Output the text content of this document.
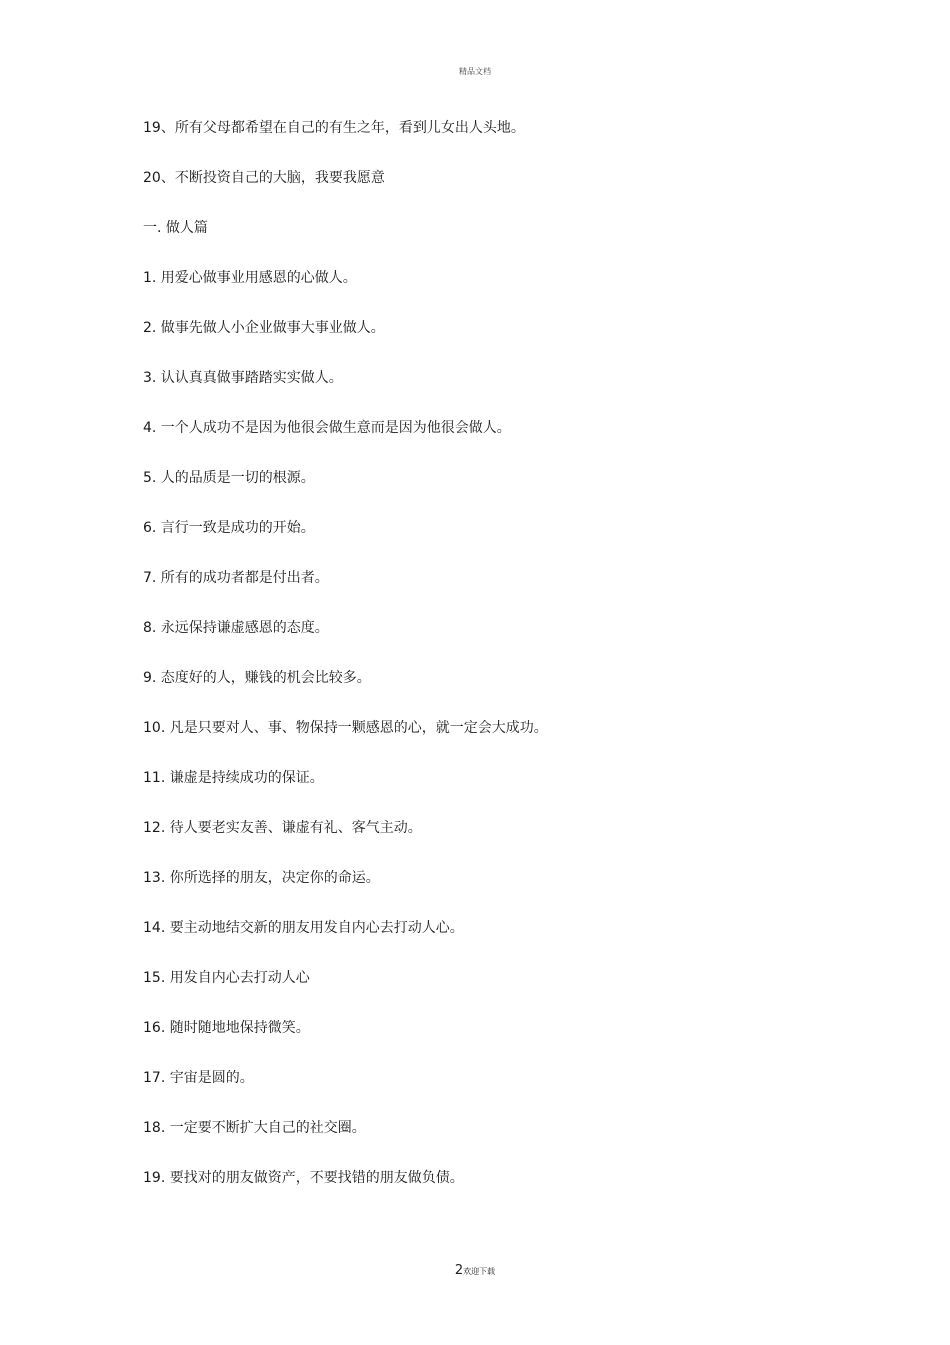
精品文档
19、所有父母都希望在自己的有生之年，看到儿女出人头地。
20、不断投资自己的大脑，我要我愿意
一. 做人篇
1. 用爱心做事业用感恩的心做人。
2. 做事先做人小企业做事大事业做人。
3. 认认真真做事踏踏实实做人。
4. 一个人成功不是因为他很会做生意而是因为他很会做人。
5. 人的品质是一切的根源。
6. 言行一致是成功的开始。
7. 所有的成功者都是付出者。
8. 永远保持谦虚感恩的态度。
9. 态度好的人，赚钱的机会比较多。
10. 凡是只要对人、事、物保持一颗感恩的心，就一定会大成功。
11. 谦虚是持续成功的保证。
12. 待人要老实友善、谦虚有礼、客气主动。
13. 你所选择的朋友，决定你的命运。
14. 要主动地结交新的朋友用发自内心去打动人心。
15. 用发自内心去打动人心
16. 随时随地地保持微笑。
17. 宇宙是圆的。
18. 一定要不断扩大自己的社交圈。
19. 要找对的朋友做资产，不要找错的朋友做负债。
2欢迎下载
